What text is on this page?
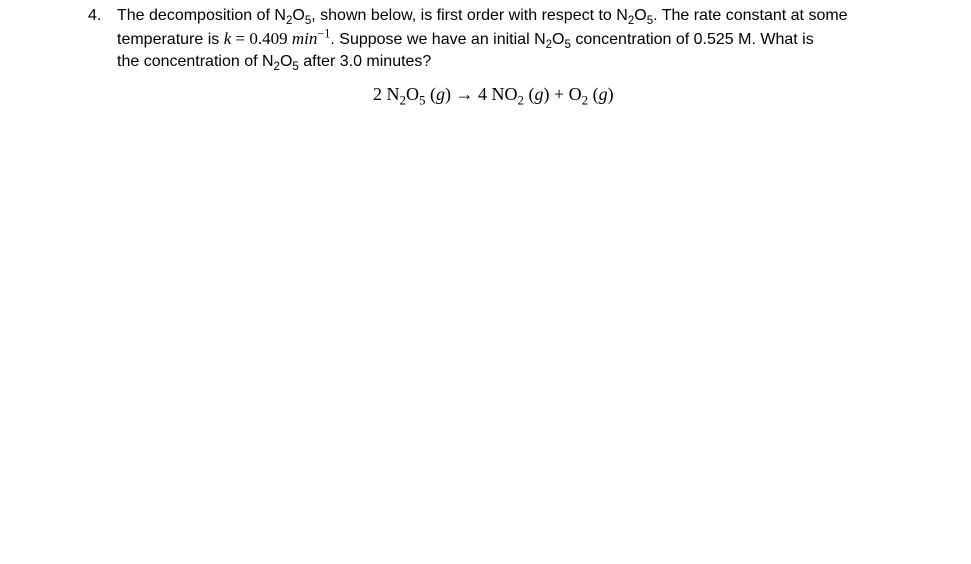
4. The decomposition of $N_2O_5$, shown below, is first order with respect to $N_2O_5$. The rate constant at some
temperature is k = 0.409 $\min^{-1}$. Suppose we have an initial $N_2O_5$ concentration of 0.525 M. What is
the concentration of $N_2O_5$ after 3.0 minutes?
2 $N_2O_5$ (g) → 4 $NO_2$ $(g) + O_2$ (g)
